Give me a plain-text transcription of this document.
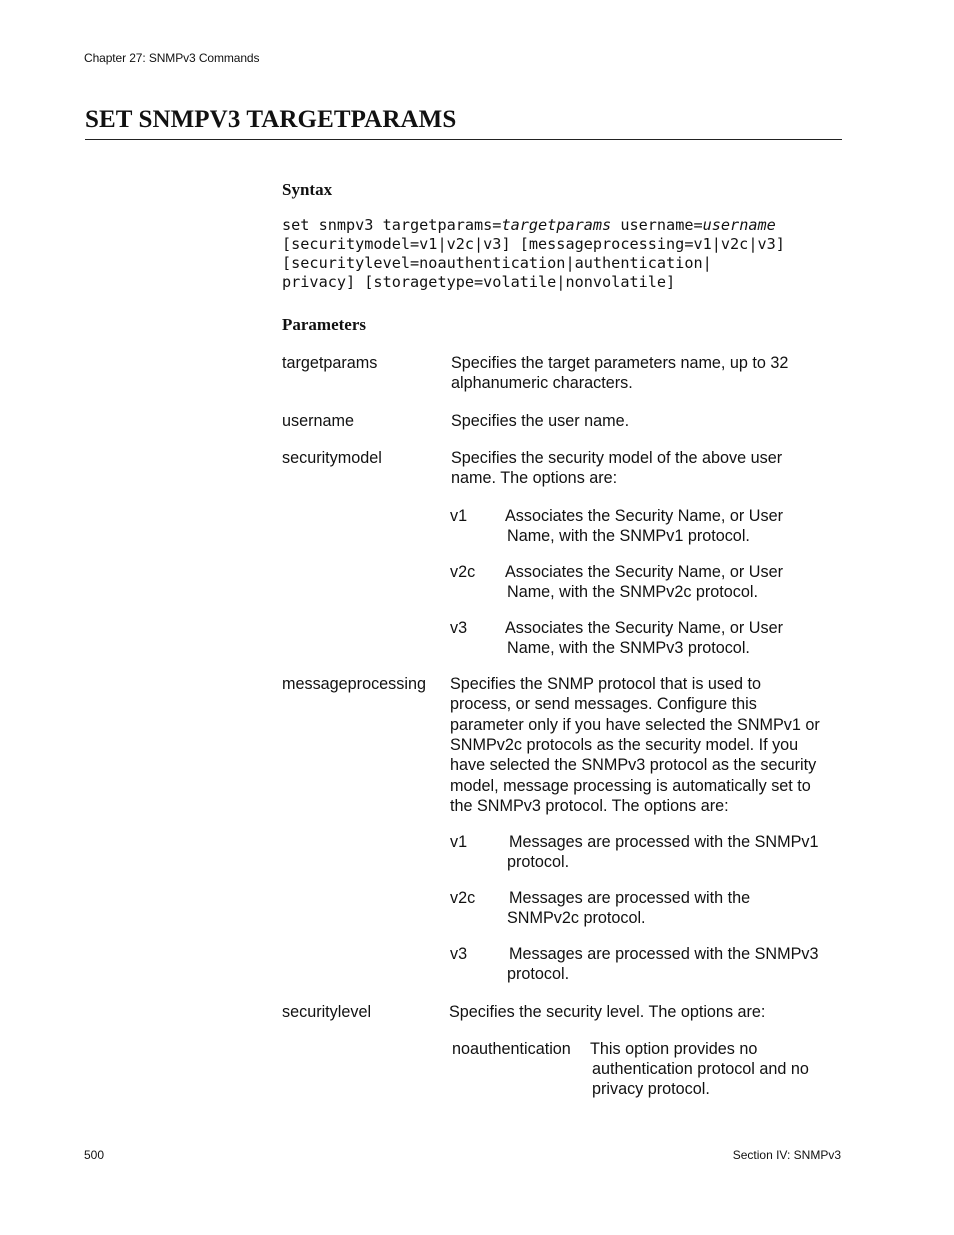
Chapter 27: SNMPv3 Commands
SET SNMPV3 TARGETPARAMS
Syntax
set snmpv3 targetparams=targetparams username=username
[securitymodel=v1|v2c|v3] [messageprocessing=v1|v2c|v3]
[securitylevel=noauthentication|authentication|
privacy] [storagetype=volatile|nonvolatile]
Parameters
targetparams	Specifies the target parameters name, up to 32
alphanumeric characters.
username	Specifies the user name.
securitymodel	Specifies the security model of the above user
name. The options are:
v1 Associates the Security Name, or User
Name, with the SNMPv1 protocol.
v2c Associates the Security Name, or User
Name, with the SNMPv2c protocol.
v3 Associates the Security Name, or User
Name, with the SNMPv3 protocol.
messageprocessing Specifies the SNMP protocol that is used to
process, or send messages. Configure this
parameter only if you have selected the SNMPv1 or
SNMPv2c protocols as the security model. If you
have selected the SNMPv3 protocol as the security
model, message processing is automatically set to
the SNMPv3 protocol. The options are:
v1	Messages are processed with the SNMPv1
protocol.
v2c Messages are processed with the
SNMPv2c protocol.
v3	Messages are processed with the SNMPv3
protocol.
securitylevel	Specifies the security level. The options are:
noauthentication This option provides no
authentication protocol and no
privacy protocol.
500	Section IV: SNMPv3
